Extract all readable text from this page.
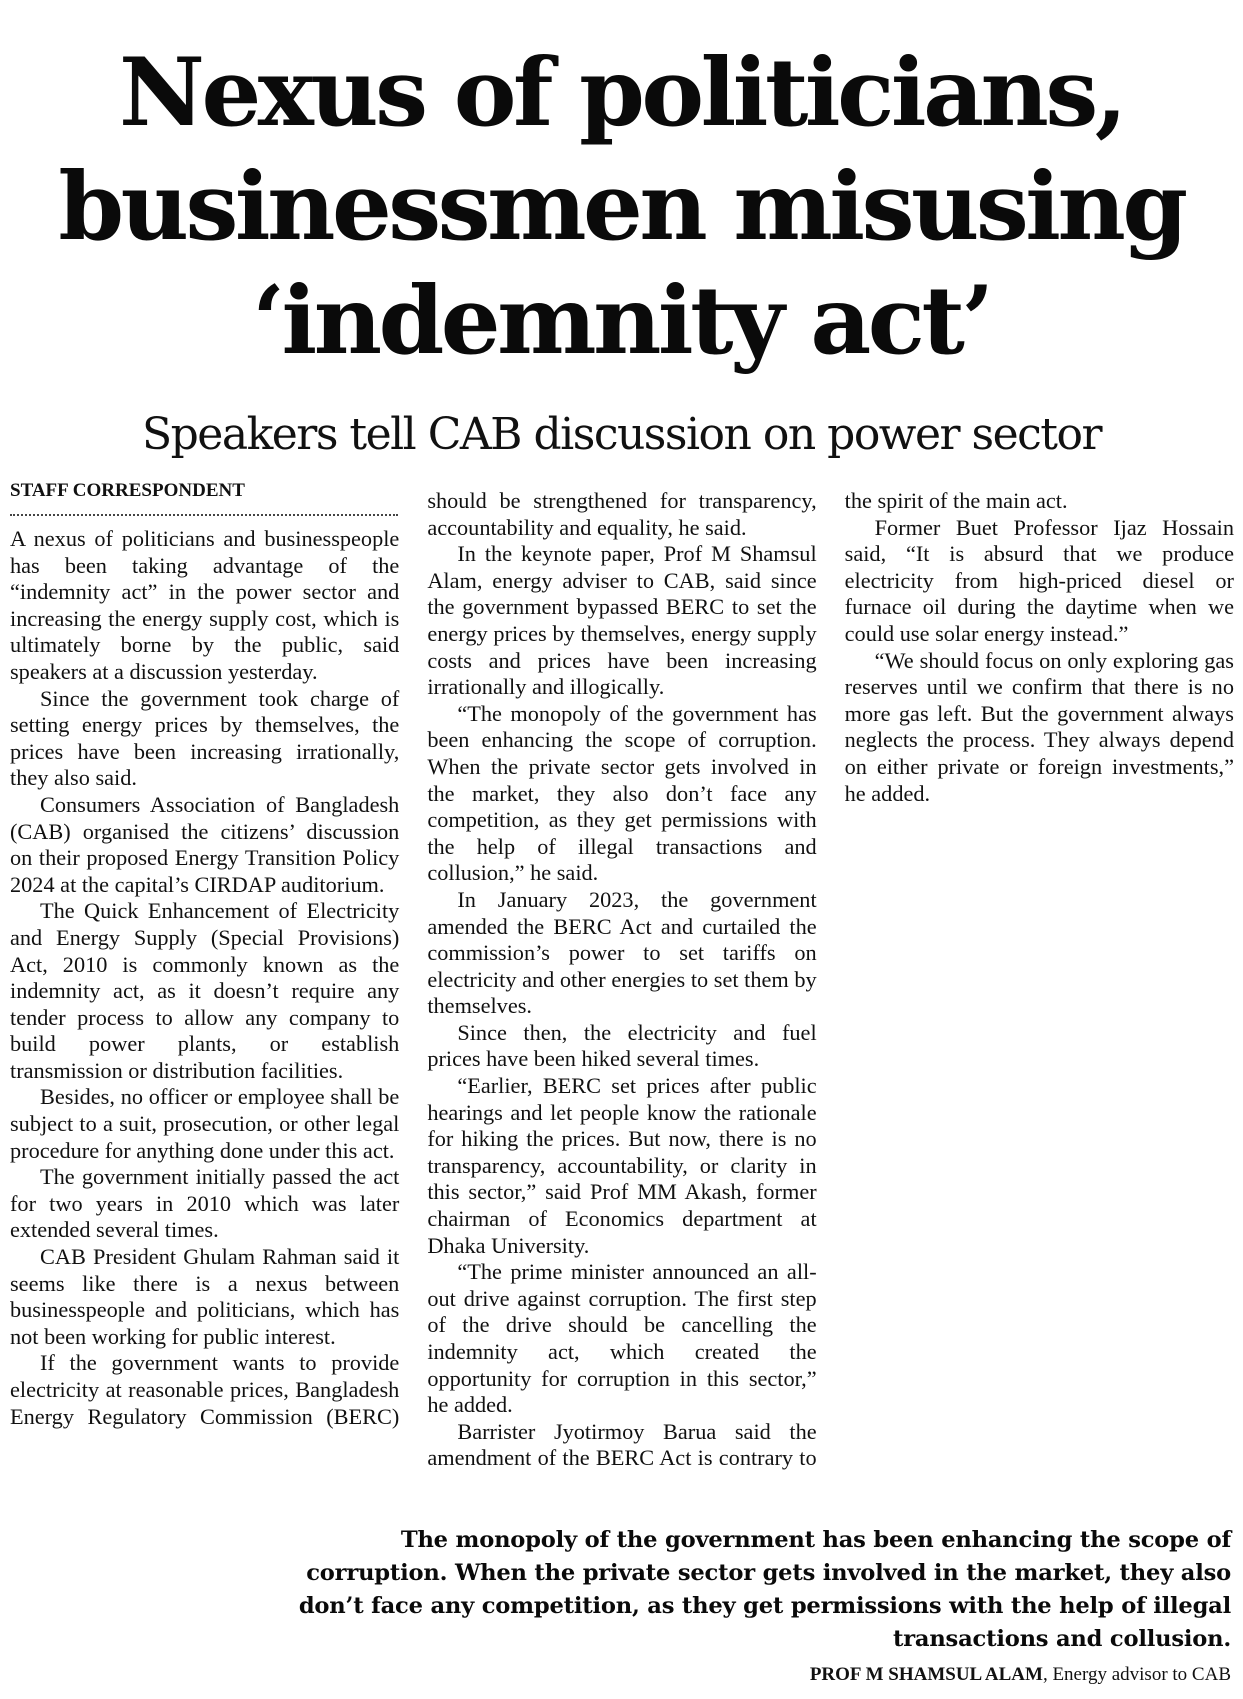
Nexus of politicians,
businessmen misusing
‘indemnity act’
Speakers tell CAB discussion on power sector
STAFF CORRESPONDENT

A nexus of politicians and businesspeople has been taking advantage of the “indemnity act” in the power sector and increasing the energy supply cost, which is ultimately borne by the public, said speakers at a discussion yesterday.

Since the government took charge of setting energy prices by themselves, the prices have been increasing irrationally, they also said.

Consumers Association of Bangladesh (CAB) organised the citizens’ discussion on their proposed Energy Transition Policy 2024 at the capital’s CIRDAP auditorium.

The Quick Enhancement of Electricity and Energy Supply (Special Provisions) Act, 2010 is commonly known as the indemnity act, as it doesn’t require any tender process to allow any company to build power plants, or establish transmission or distribution facilities.

Besides, no officer or employee shall be subject to a suit, prosecution, or other legal procedure for anything done under this act.

The government initially passed the act for two years in 2010 which was later extended several times.

CAB President Ghulam Rahman said it seems like there is a nexus between businesspeople and politicians, which has not been working for public interest.

If the government wants to provide electricity at reasonable prices, Bangladesh Energy Regulatory Commission (BERC) should be strengthened for transparency, accountability and equality, he said.

In the keynote paper, Prof M Shamsul Alam, energy adviser to CAB, said since the government bypassed BERC to set the energy prices by themselves, energy supply costs and prices have been increasing irrationally and illogically.

“The monopoly of the government has been enhancing the scope of corruption. When the private sector gets involved in the market, they also don’t face any competition, as they get permissions with the help of illegal transactions and collusion,” he said.

In January 2023, the government amended the BERC Act and curtailed the commission’s power to set tariffs on electricity and other energies to set them by themselves.

Since then, the electricity and fuel prices have been hiked several times.

“Earlier, BERC set prices after public hearings and let people know the rationale for hiking the prices. But now, there is no transparency, accountability, or clarity in this sector,” said Prof MM Akash, former chairman of Economics department at Dhaka University.

“The prime minister announced an all-out drive against corruption. The first step of the drive should be cancelling the indemnity act, which created the opportunity for corruption in this sector,” he added.

Barrister Jyotirmoy Barua said the amendment of the BERC Act is contrary to the spirit of the main act.

Former Buet Professor Ijaz Hossain said, “It is absurd that we produce electricity from high-priced diesel or furnace oil during the daytime when we could use solar energy instead.”

“We should focus on only exploring gas reserves until we confirm that there is no more gas left. But the government always neglects the process. They always depend on either private or foreign investments,” he added.

The monopoly of the government has been enhancing the scope of corruption. When the private sector gets involved in the market, they also don’t face any competition, as they get permissions with the help of illegal transactions and collusion.

PROF M SHAMSUL ALAM, Energy advisor to CAB
